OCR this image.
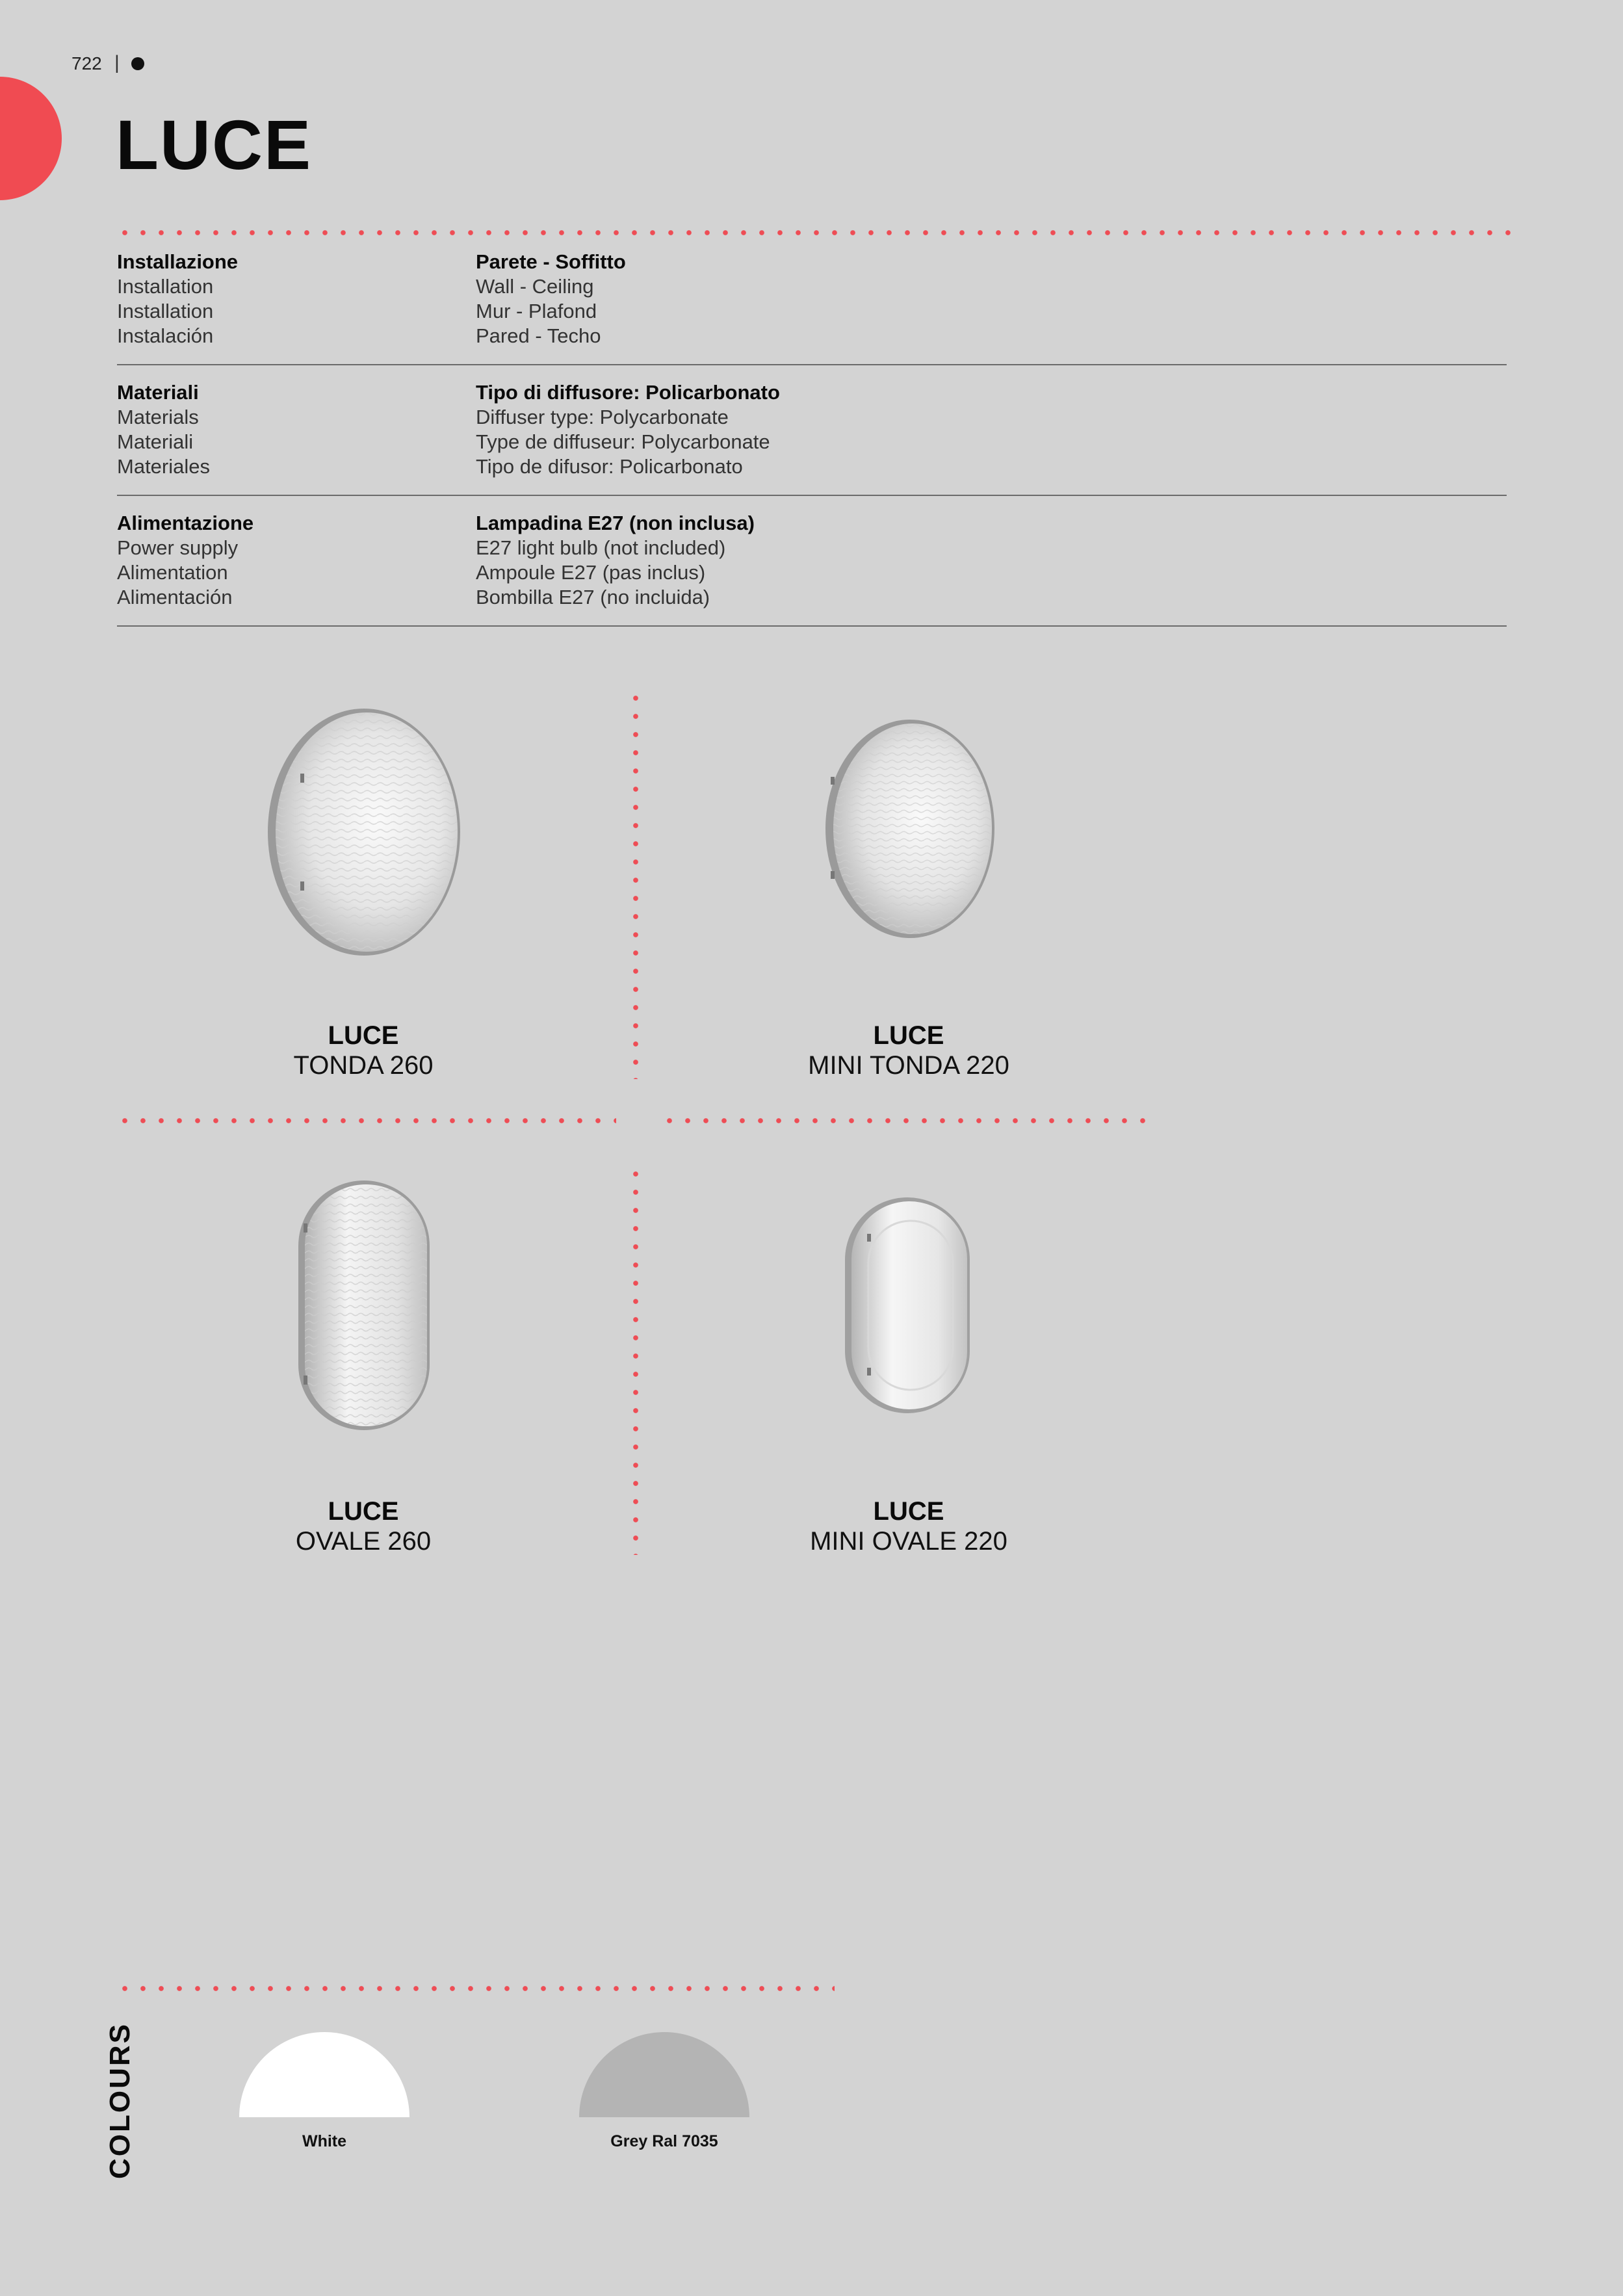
722 |
LUCE
Installazione
Installation
Installation
Instalación
Parete - Soffitto
Wall - Ceiling
Mur - Plafond
Pared - Techo
Materiali
Materials
Materiali
Materiales
Tipo di diffusore: Policarbonato
Diffuser type: Polycarbonate
Type de diffuseur: Polycarbonate
Tipo de difusor: Policarbonato
Alimentazione
Power supply
Alimentation
Alimentación
Lampadina E27 (non inclusa)
E27 light bulb (not included)
Ampoule E27 (pas inclus)
Bombilla E27 (no incluida)
LUCE
TONDA 260
LUCE
MINI TONDA 220
LUCE
OVALE 260
LUCE
MINI OVALE 220
COLOURS	White	Grey Ral 7035
